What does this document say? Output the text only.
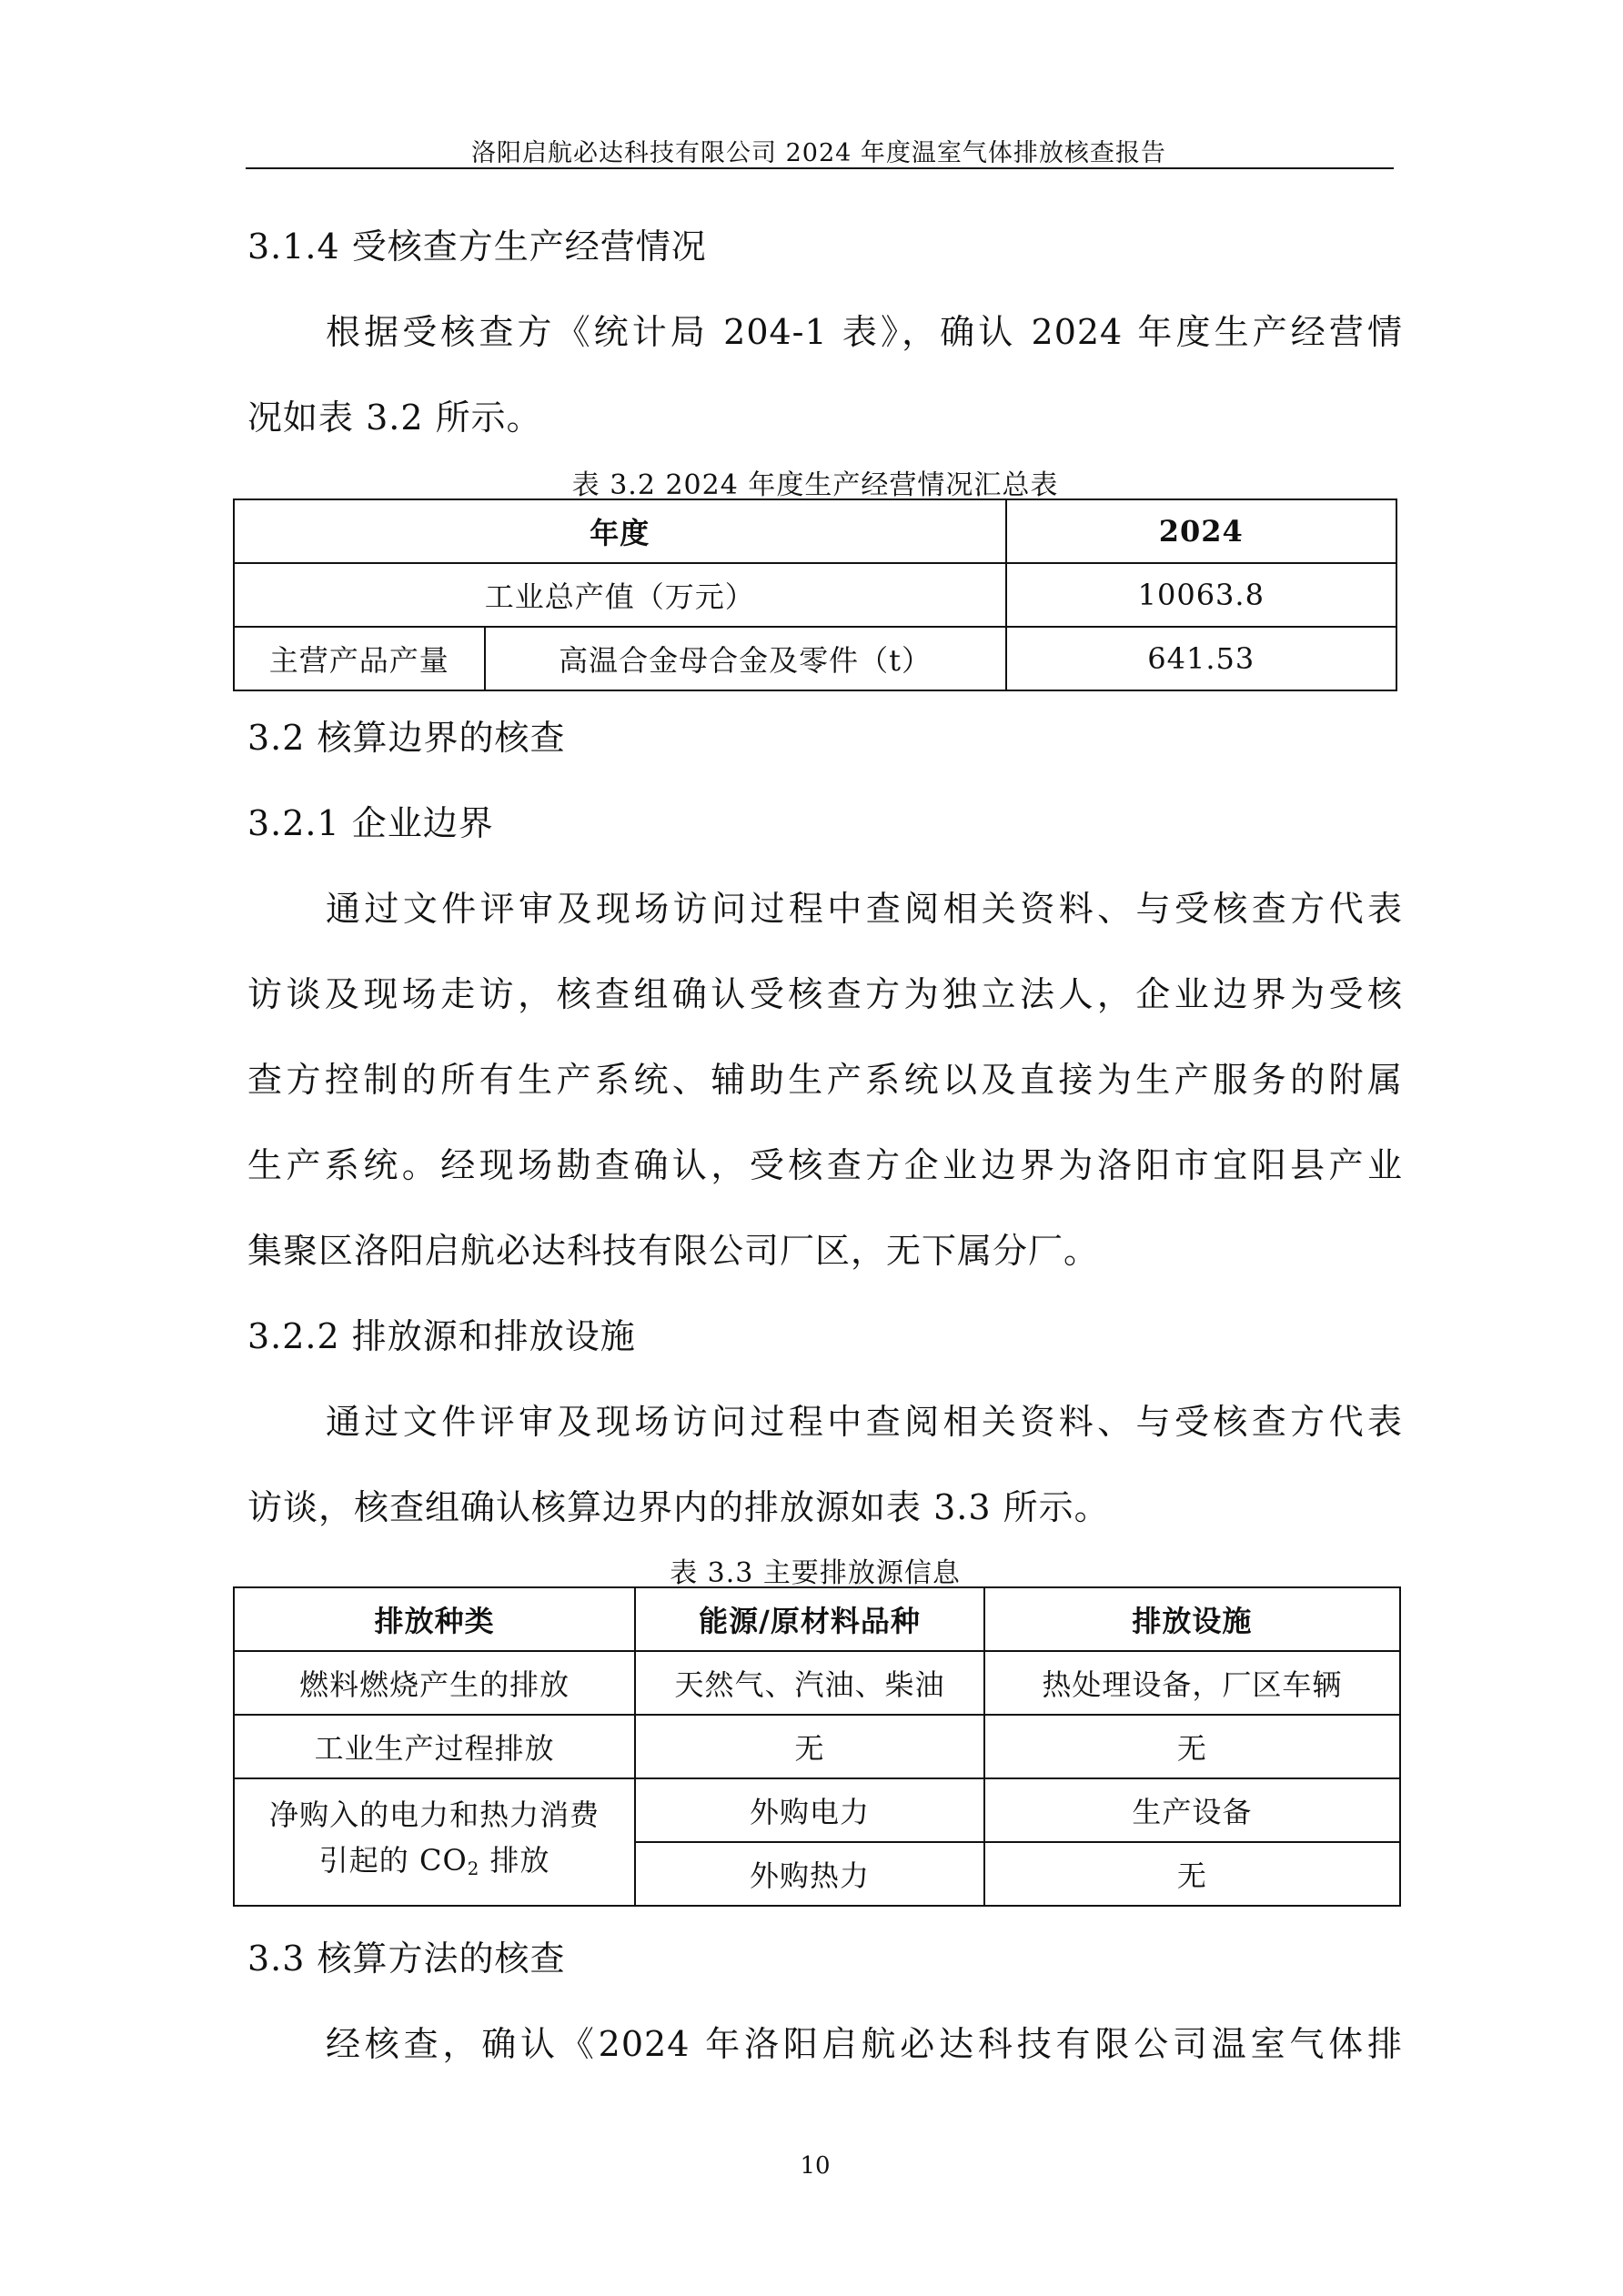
洛阳启航必达科技有限公司 2024 年度温室气体排放核查报告
3.1.4 受核查方生产经营情况
根据受核查方《统计局 204-1 表》，确认 2024 年度生产经营情
况如表 3.2 所示。
表 3.2 2024 年度生产经营情况汇总表
年度		2024
工业总产值（万元）		10063.8
主营产品产量	高温合金母合金及零件（t）	641.53
3.2 核算边界的核查
3.2.1 企业边界
通过文件评审及现场访问过程中查阅相关资料、与受核查方代表
访谈及现场走访，核查组确认受核查方为独立法人，企业边界为受核
查方控制的所有生产系统、辅助生产系统以及直接为生产服务的附属
生产系统。经现场勘查确认，受核查方企业边界为洛阳市宜阳县产业
集聚区洛阳启航必达科技有限公司厂区，无下属分厂。
3.2.2 排放源和排放设施
通过文件评审及现场访问过程中查阅相关资料、与受核查方代表
访谈，核查组确认核算边界内的排放源如表 3.3 所示。
表 3.3 主要排放源信息
排放种类	能源/原材料品种	排放设施
燃料燃烧产生的排放	天然气、汽油、柴油	热处理设备，厂区车辆
工业生产过程排放	无	无

净购入的电力和热力消费
引起的 $CO_2$ 排放	外购电力	生产设备
	外购热力	无
3.3 核算方法的核查
经核查，确认《2024 年洛阳启航必达科技有限公司温室气体排
10
